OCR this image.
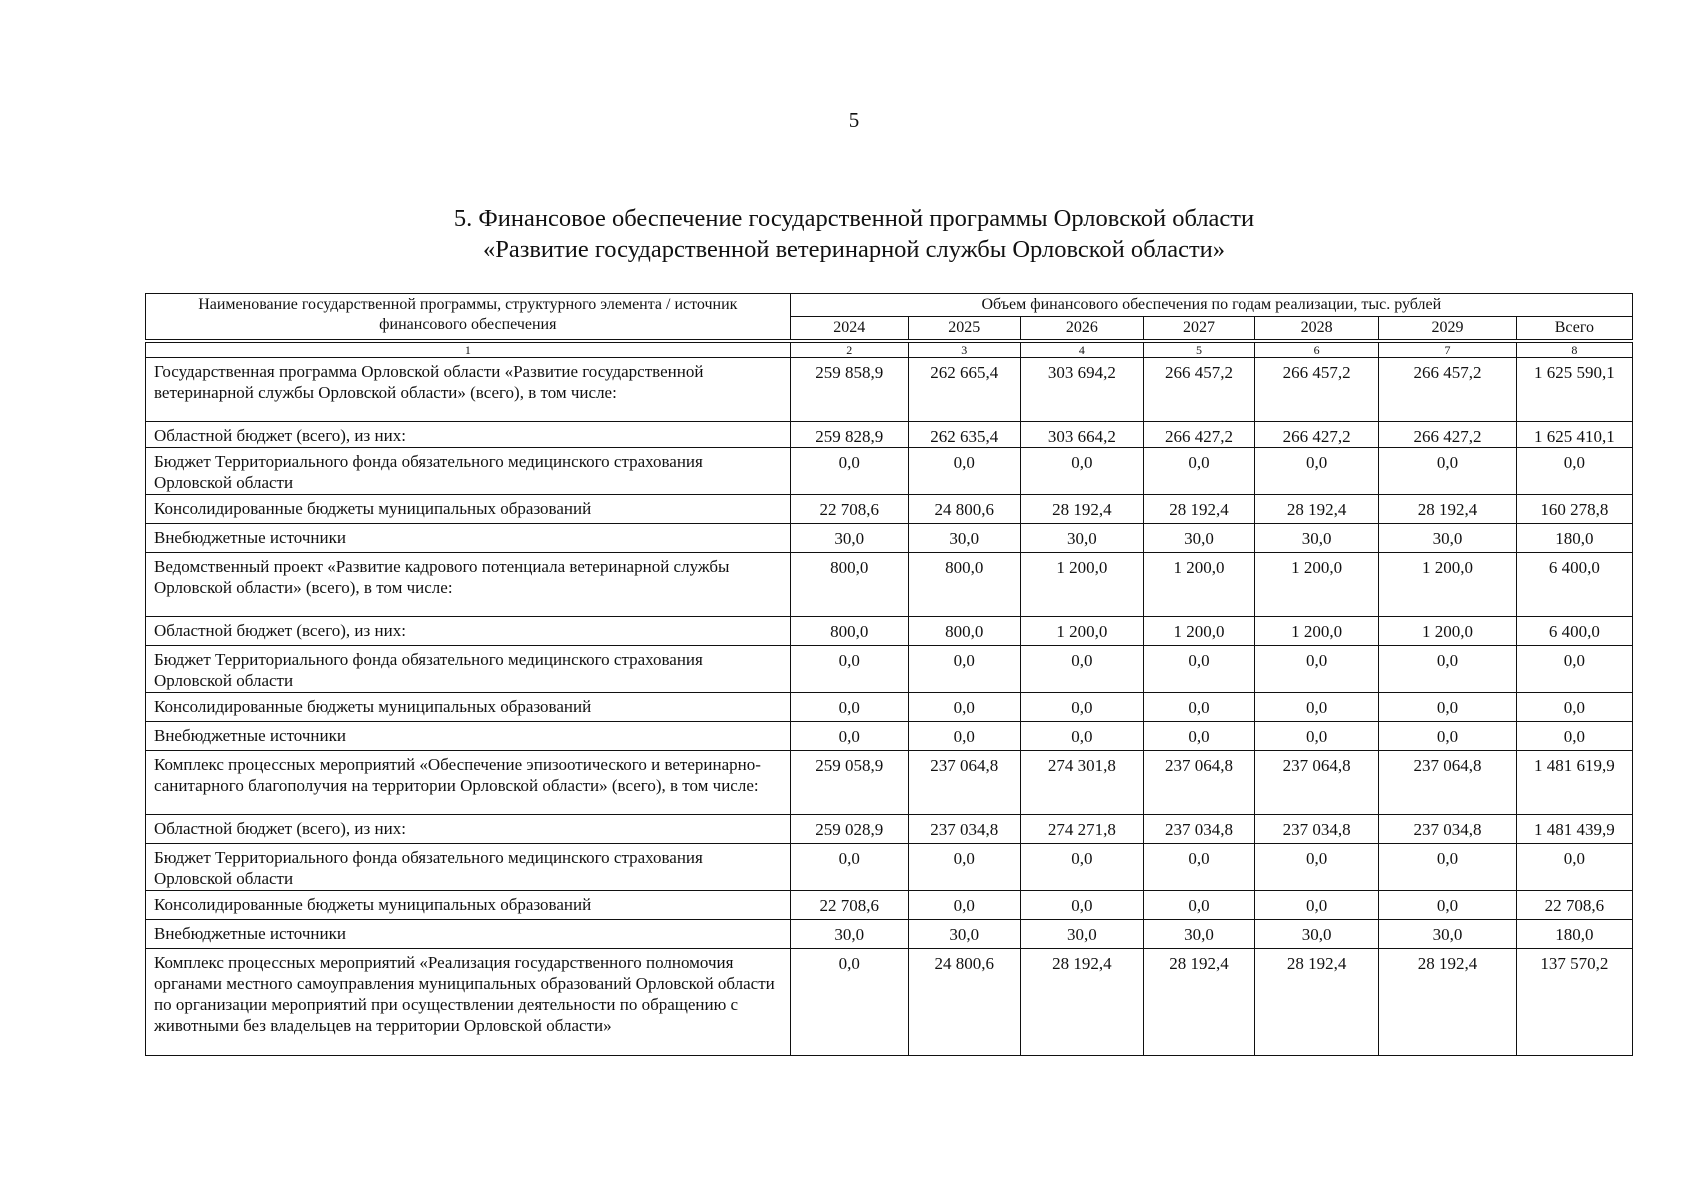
5
5. Финансовое обеспечение государственной программы Орловской области
«Развитие государственной ветеринарной службы Орловской области»
Наименование государственной программы, структурного элемента / источник финансового обеспечения	Объем финансового обеспечения по годам реализации, тыс. рублей						
	2024	2025	2026	2027	2028	2029	Всего

1	2	3	4	5	6	7	8
Государственная программа Орловской области «Развитие государственной ветеринарной службы Орловской области» (всего), в том числе:	259 858,9	262 665,4	303 694,2	266 457,2	266 457,2	266 457,2	1 625 590,1
Областной бюджет (всего), из них:	259 828,9	262 635,4	303 664,2	266 427,2	266 427,2	266 427,2	1 625 410,1
Бюджет Территориального фонда обязательного медицинского страхования Орловской области	0,0	0,0	0,0	0,0	0,0	0,0	0,0
Консолидированные бюджеты муниципальных образований	22 708,6	24 800,6	28 192,4	28 192,4	28 192,4	28 192,4	160 278,8
Внебюджетные источники	30,0	30,0	30,0	30,0	30,0	30,0	180,0
Ведомственный проект «Развитие кадрового потенциала ветеринарной службы Орловской области» (всего), в том числе:	800,0	800,0	1 200,0	1 200,0	1 200,0	1 200,0	6 400,0
Областной бюджет (всего), из них:	800,0	800,0	1 200,0	1 200,0	1 200,0	1 200,0	6 400,0
Бюджет Территориального фонда обязательного медицинского страхования Орловской области	0,0	0,0	0,0	0,0	0,0	0,0	0,0
Консолидированные бюджеты муниципальных образований	0,0	0,0	0,0	0,0	0,0	0,0	0,0
Внебюджетные источники	0,0	0,0	0,0	0,0	0,0	0,0	0,0
Комплекс процессных мероприятий «Обеспечение эпизоотического и ветеринарно-санитарного благополучия на территории Орловской области» (всего), в том числе:	259 058,9	237 064,8	274 301,8	237 064,8	237 064,8	237 064,8	1 481 619,9
Областной бюджет (всего), из них:	259 028,9	237 034,8	274 271,8	237 034,8	237 034,8	237 034,8	1 481 439,9
Бюджет Территориального фонда обязательного медицинского страхования Орловской области	0,0	0,0	0,0	0,0	0,0	0,0	0,0
Консолидированные бюджеты муниципальных образований	22 708,6	0,0	0,0	0,0	0,0	0,0	22 708,6
Внебюджетные источники	30,0	30,0	30,0	30,0	30,0	30,0	180,0
Комплекс процессных мероприятий «Реализация государственного полномочия органами местного самоуправления муниципальных образований Орловской области по организации мероприятий при осуществлении деятельности по обращению с животными без владельцев на территории Орловской области»	0,0	24 800,6	28 192,4	28 192,4	28 192,4	28 192,4	137 570,2
